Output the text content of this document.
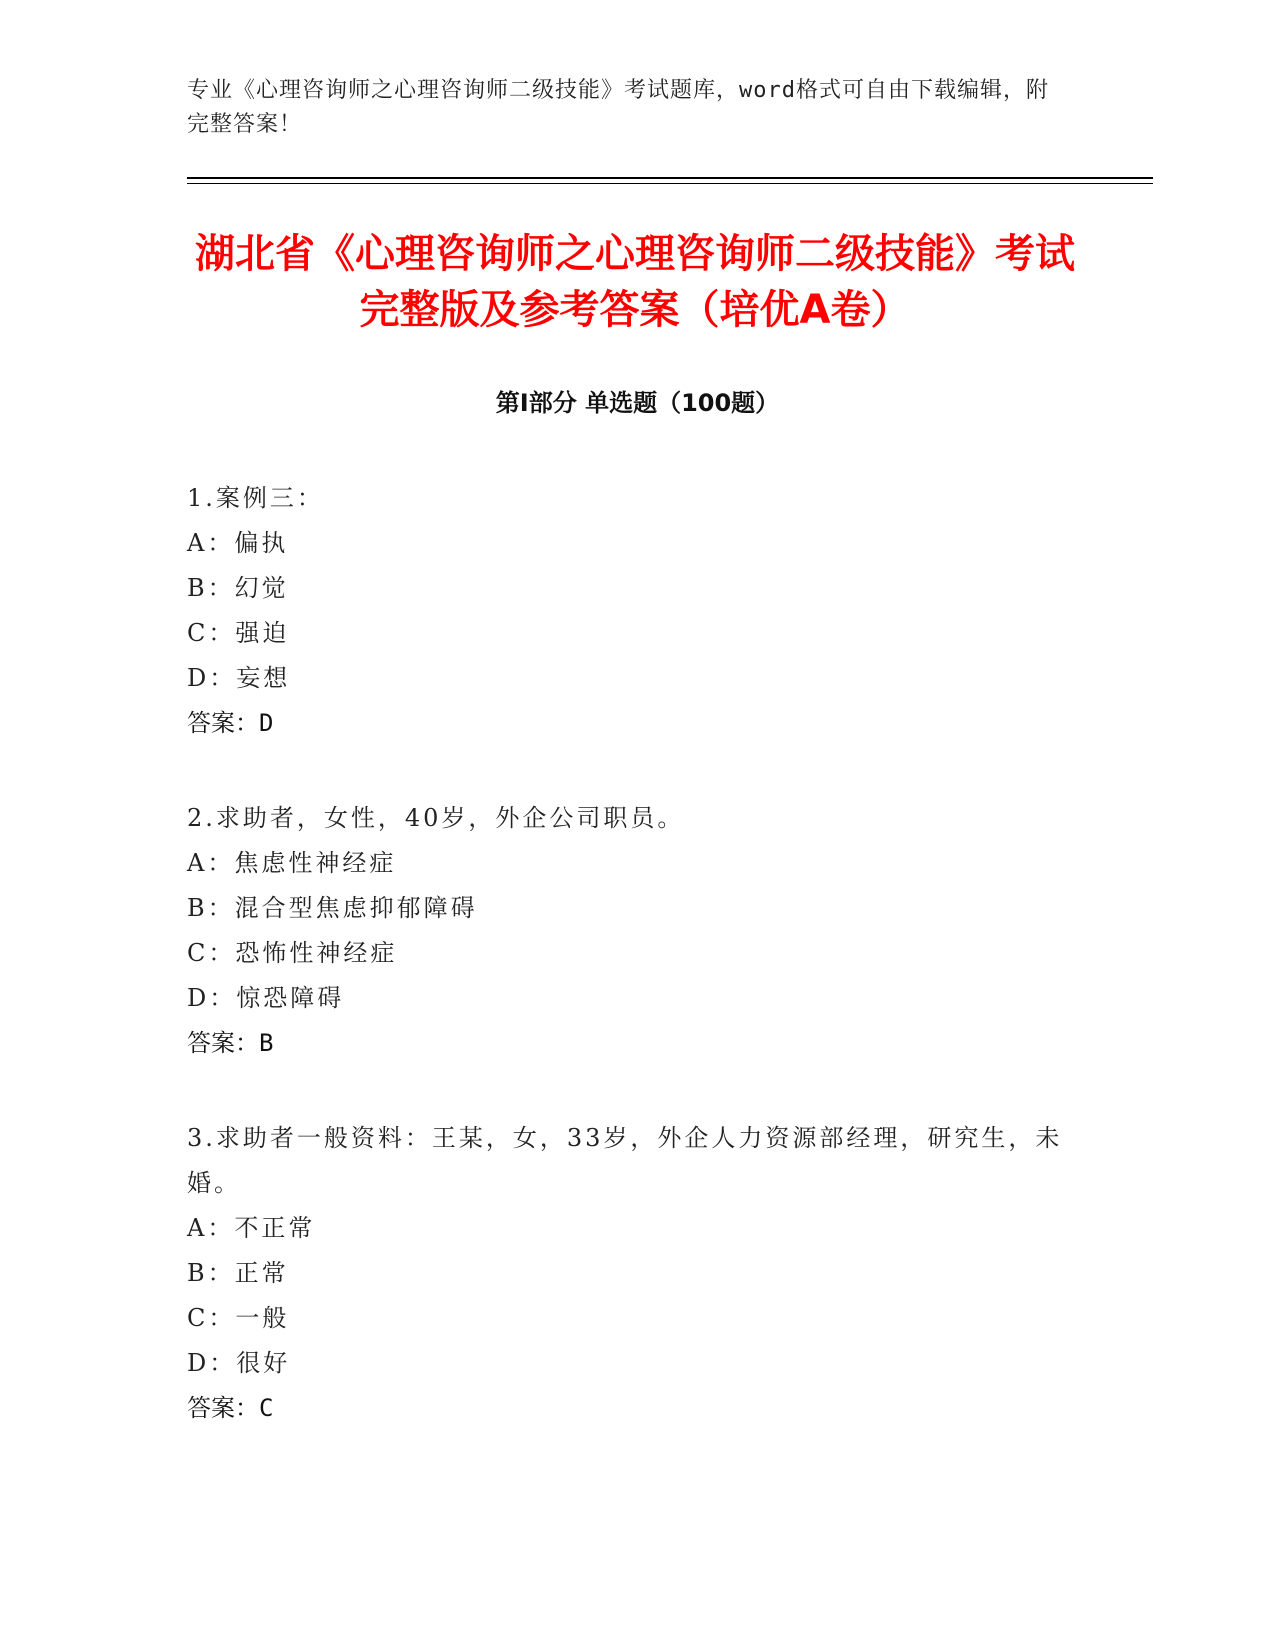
专业《心理咨询师之心理咨询师二级技能》考试题库，word格式可自由下载编辑，附完整答案！
湖北省《心理咨询师之心理咨询师二级技能》考试完整版及参考答案（培优A卷）
第Ⅰ部分 单选题（100题）
1.案例三：
A：偏执
B：幻觉
C：强迫
D：妄想
答案：D
2.求助者，女性，40岁，外企公司职员。
A：焦虑性神经症
B：混合型焦虑抑郁障碍
C：恐怖性神经症
D：惊恐障碍
答案：B
3.求助者一般资料：王某，女，33岁，外企人力资源部经理，研究生，未婚。
A：不正常
B：正常
C：一般
D：很好
答案：C
